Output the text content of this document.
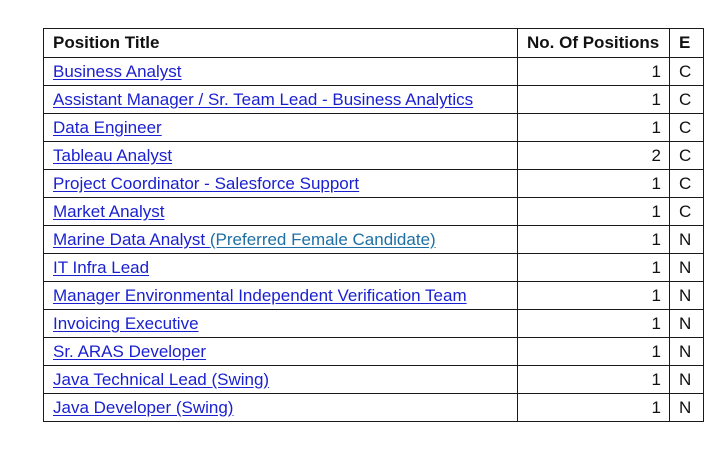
Position Title	No. Of Positions	E
Business Analyst	1	C
Assistant Manager / Sr. Team Lead - Business Analytics	1	C
Data Engineer	1	C
Tableau Analyst	2	C
Project Coordinator - Salesforce Support	1	C
Market Analyst	1	C
Marine Data Analyst (Preferred Female Candidate)	1	N
IT Infra Lead	1	N
Manager Environmental Independent Verification Team	1	N
Invoicing Executive	1	N
Sr. ARAS Developer	1	N
Java Technical Lead (Swing)	1	N
Java Developer (Swing)	1	N
